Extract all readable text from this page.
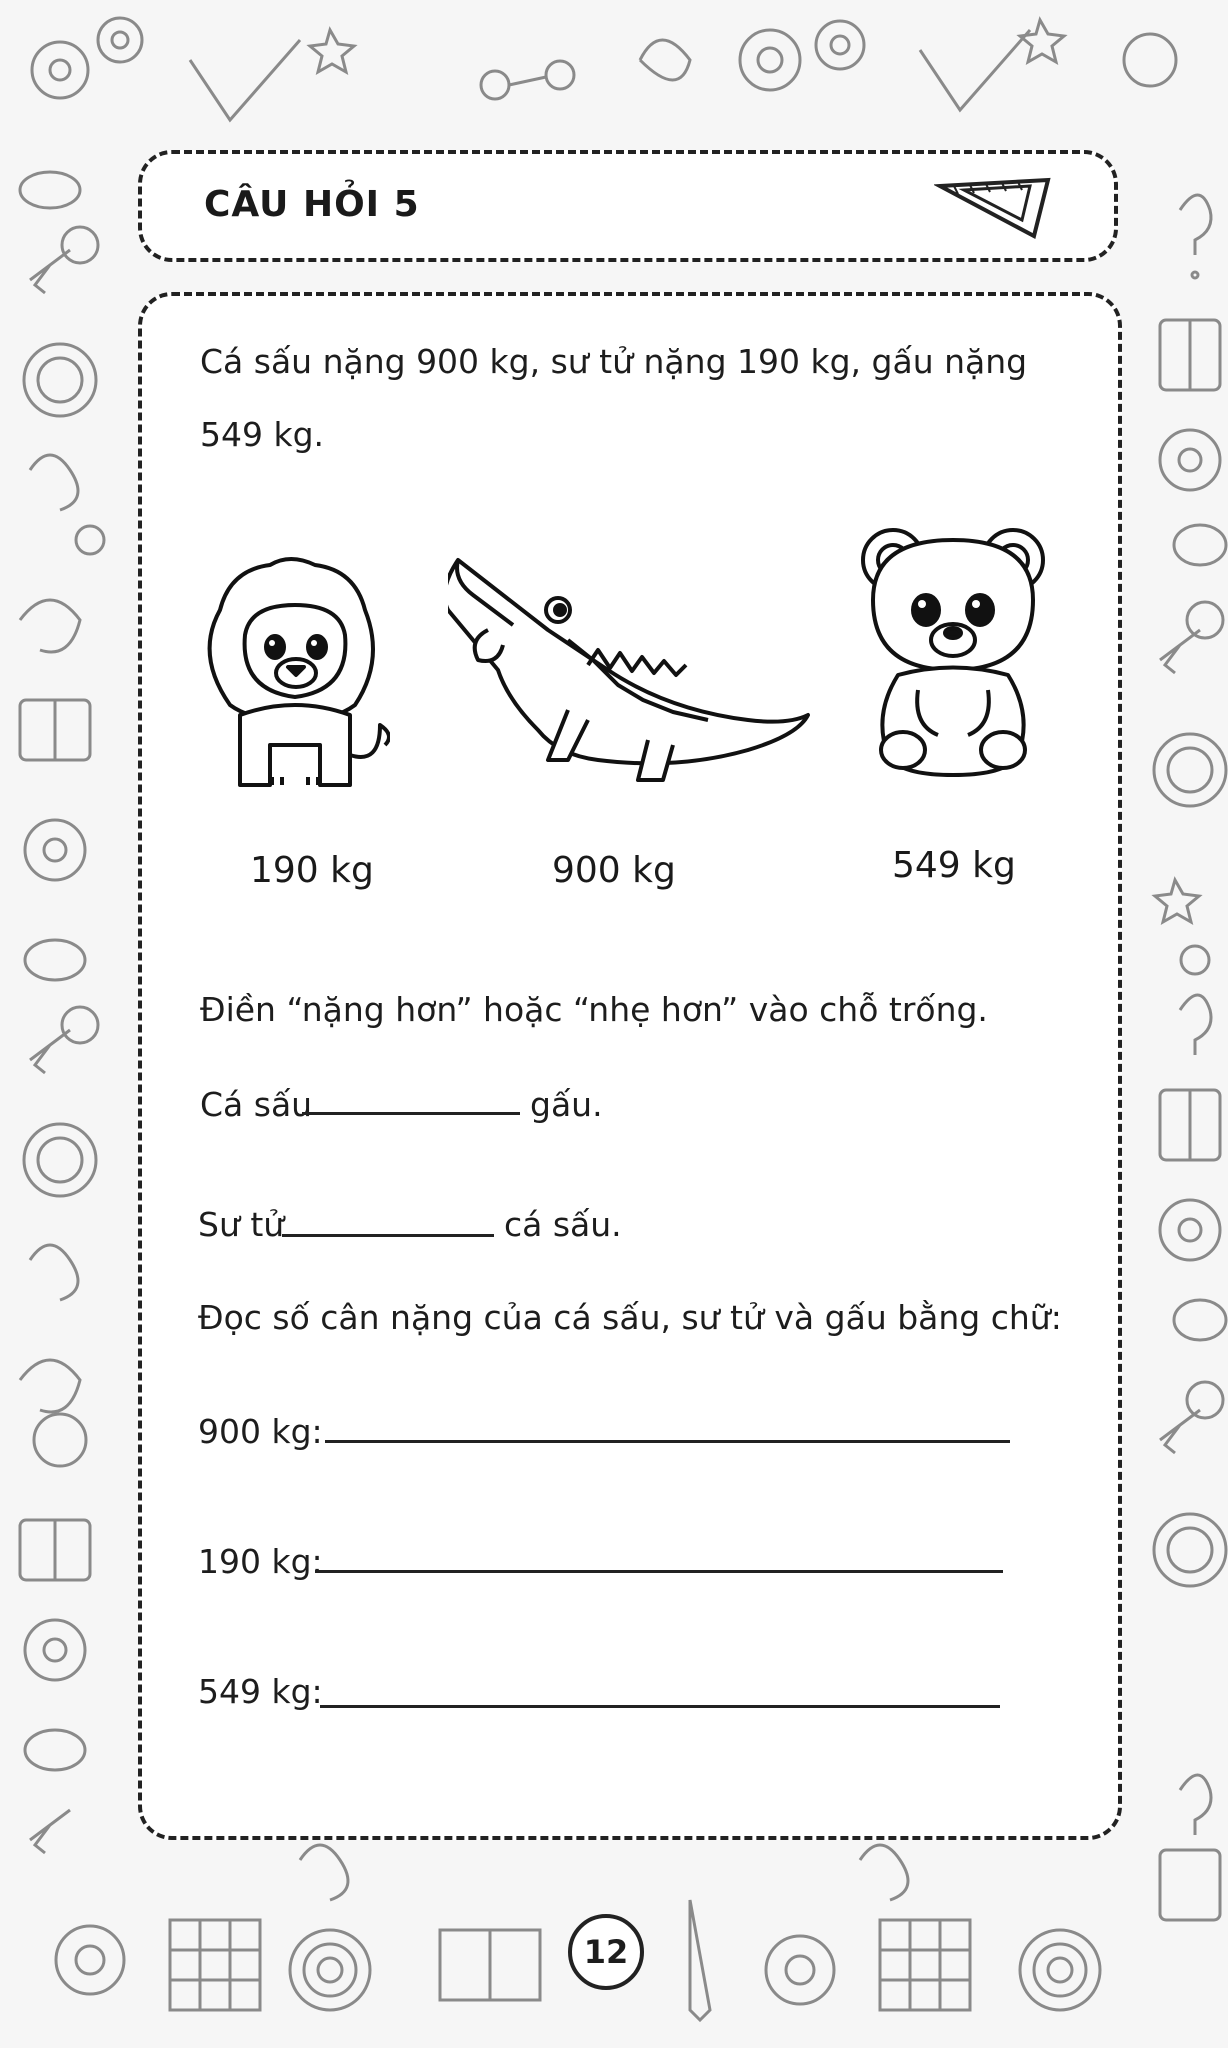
CÂU HỎI 5
Cá sấu nặng 900 kg, sư tử nặng 190 kg, gấu nặng
549 kg.
190 kg	900 kg	549 kg
Điền “nặng hơn” hoặc “nhẹ hơn” vào chỗ trống.
Cá sấu	gấu.
Sư tử	cá sấu.
Đọc số cân nặng của cá sấu, sư tử và gấu bằng chữ:
900 kg:
190 kg:
549 kg:
12
